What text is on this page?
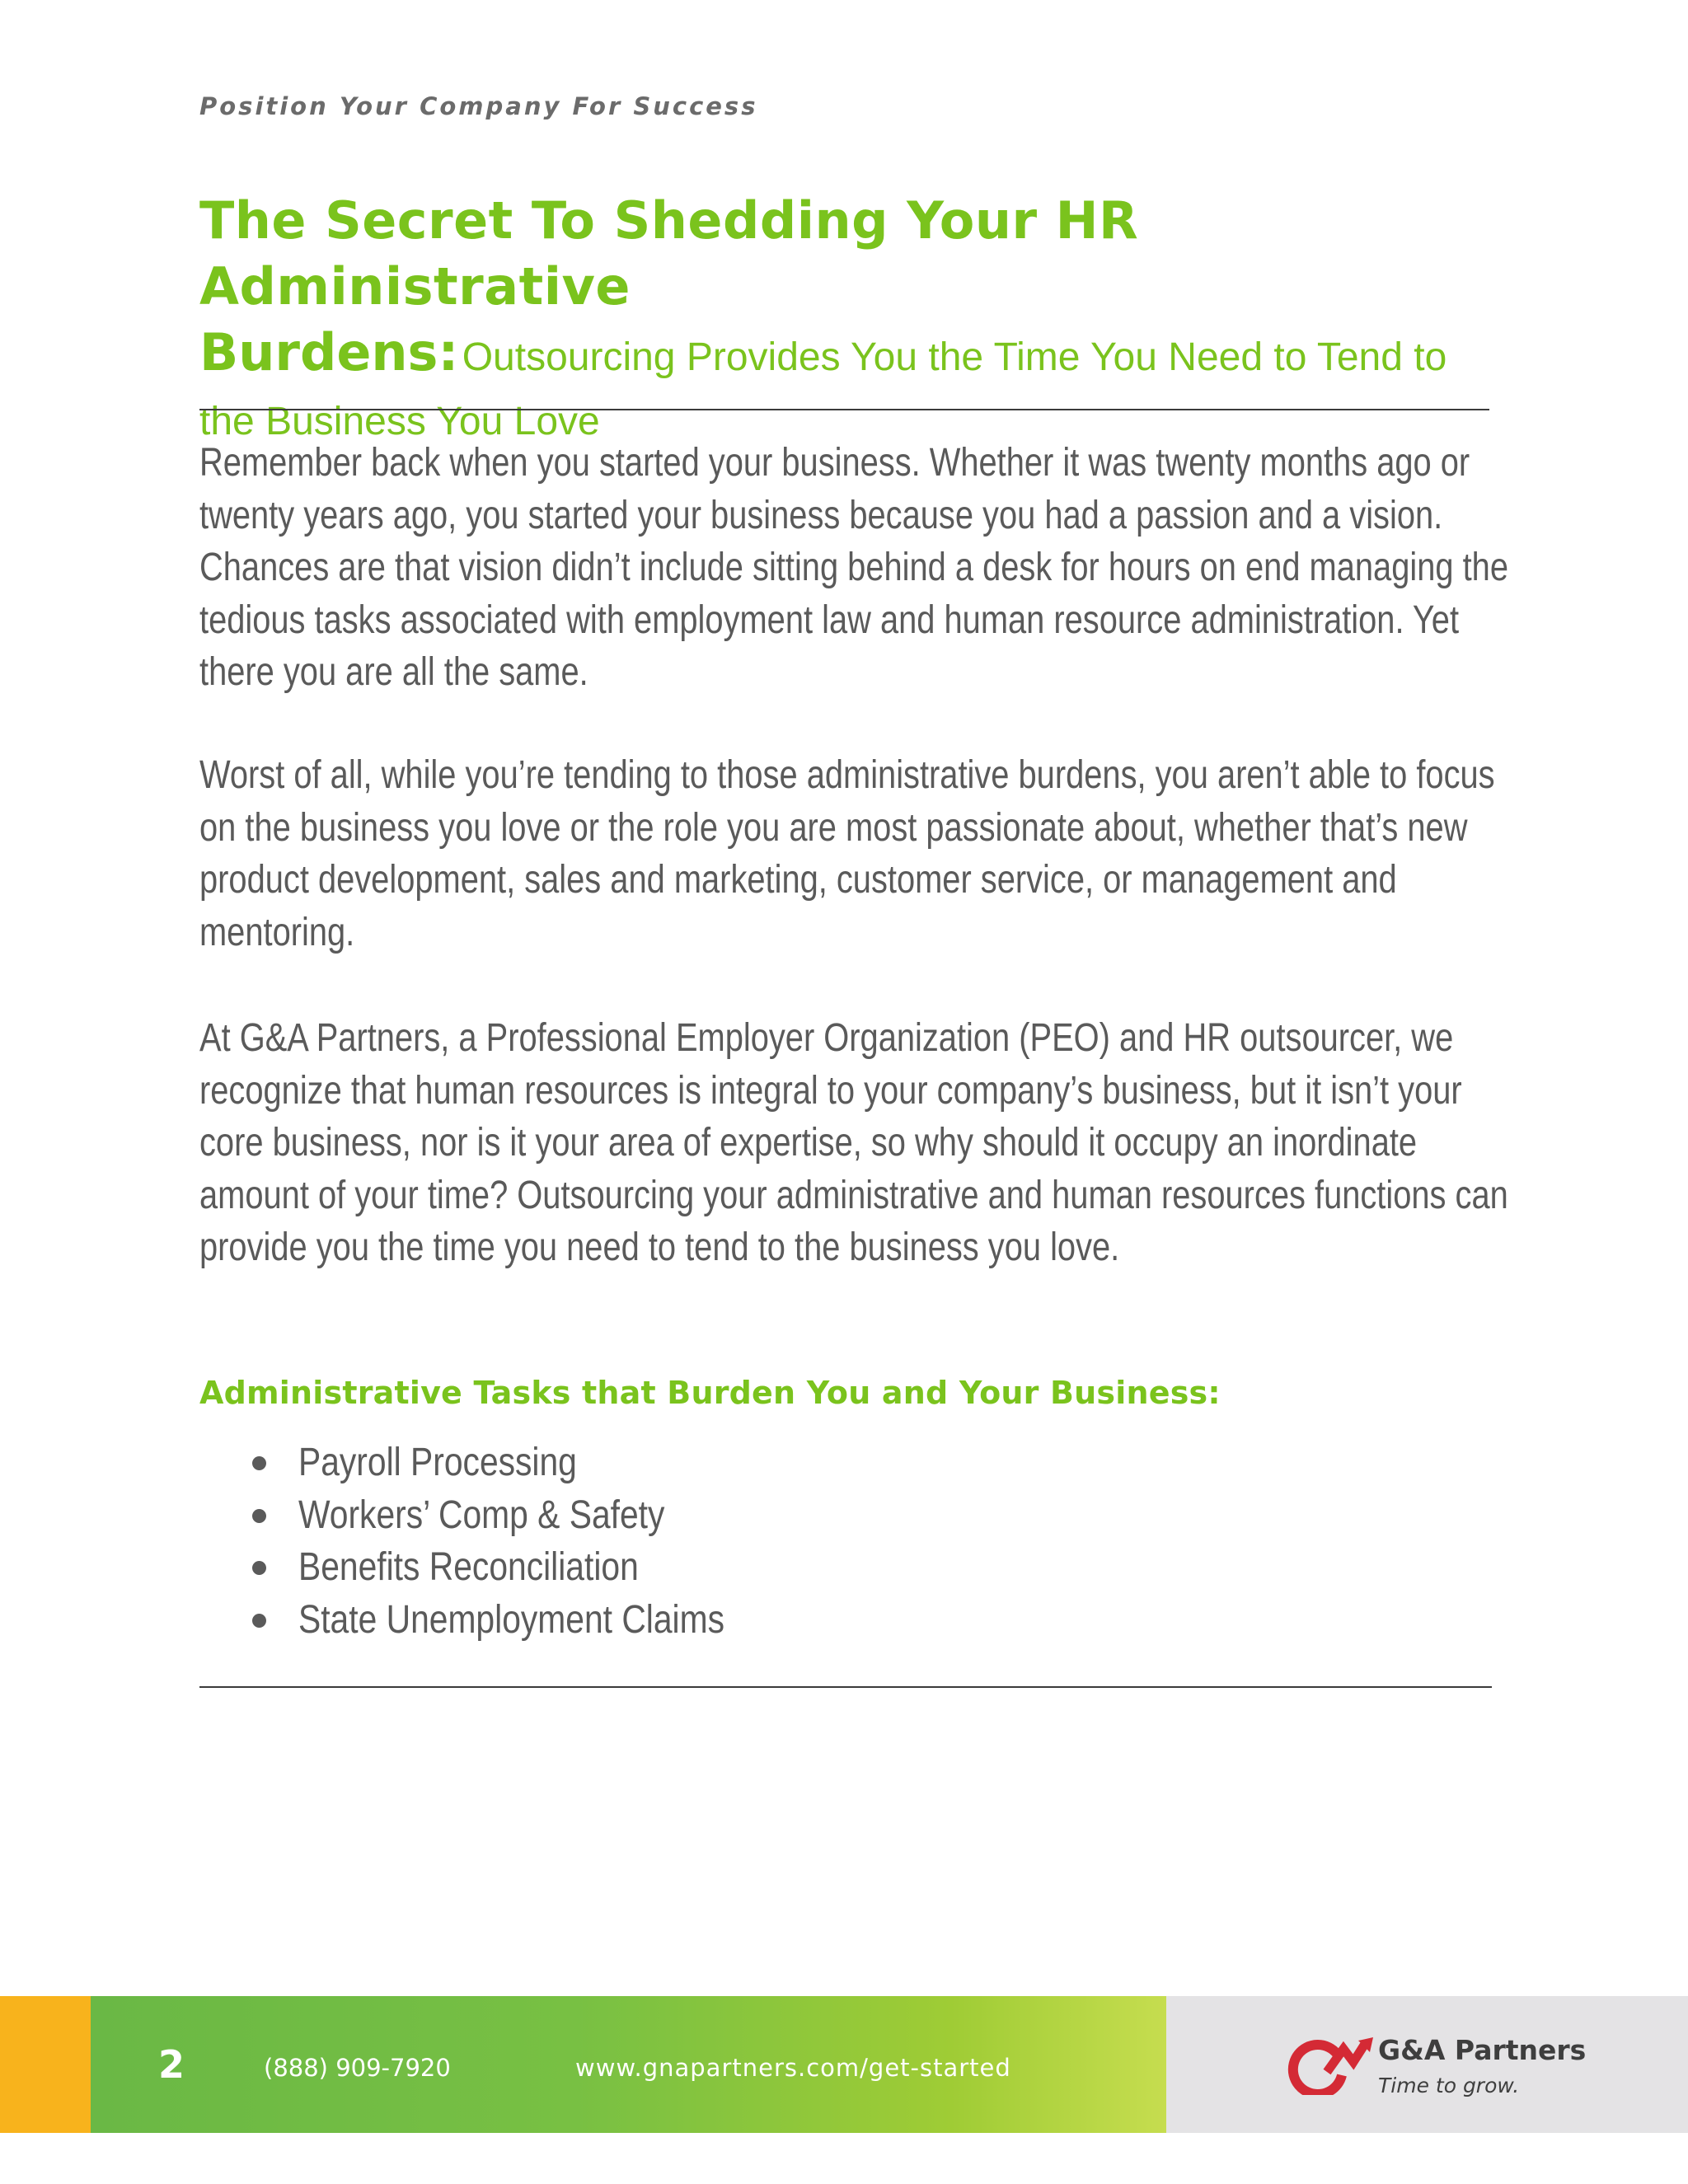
Position Your Company For Success
The Secret To Shedding Your HR Administrative
Burdens: Outsourcing Provides You the Time You Need to Tend to the Business You Love

Remember back when you started your business. Whether it was twenty months ago or twenty years ago, you started your business because you had a passion and a vision. Chances are that vision didn’t include sitting behind a desk for hours on end managing the tedious tasks associated with employment law and human resource administration. Yet there you are all the same.

Worst of all, while you’re tending to those administrative burdens, you aren’t able to focus on the business you love or the role you are most passionate about, whether that’s new product development, sales and marketing, customer service, or management and mentoring.

At G&A Partners, a Professional Employer Organization (PEO) and HR outsourcer, we recognize that human resources is integral to your company’s business, but it isn’t your core business, nor is it your area of expertise, so why should it occupy an inordinate amount of your time? Outsourcing your administrative and human resources functions can provide you the time you need to tend to the business you love.

Administrative Tasks that Burden You and Your Business:
Payroll Processing
Workers’ Comp & Safety
Benefits Reconciliation
State Unemployment Claims
2	(888) 909-7920	www.gnapartners.com/get-started
G&A Partners
Time to grow.
